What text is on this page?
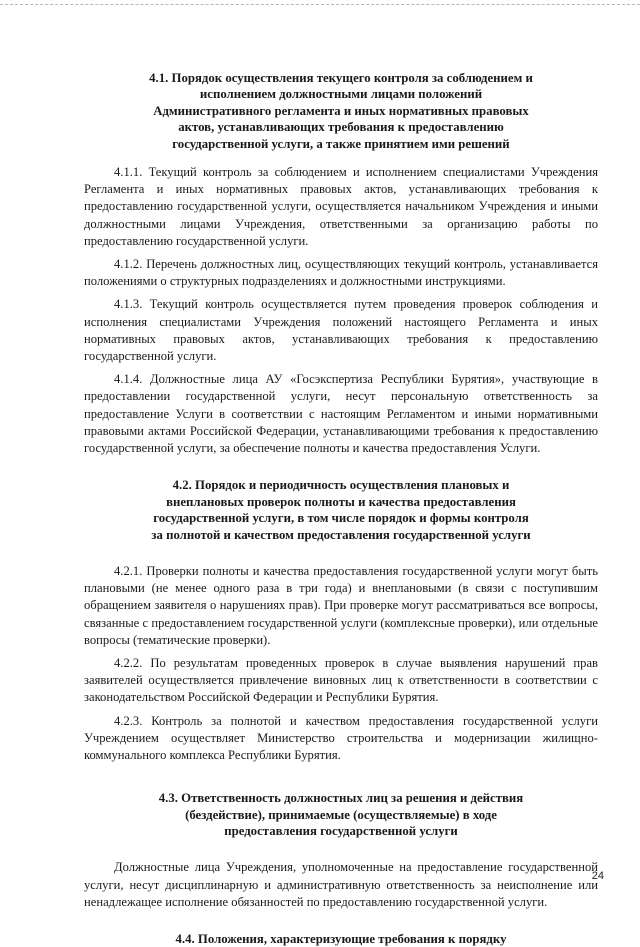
4.1. Порядок осуществления текущего контроля за соблюдением и исполнением должностными лицами положений Административного регламента и иных нормативных правовых актов, устанавливающих требования к предоставлению государственной услуги, а также принятием ими решений

4.1.1. Текущий контроль за соблюдением и исполнением специалистами Учреждения Регламента и иных нормативных правовых актов, устанавливающих требования к предоставлению государственной услуги, осуществляется начальником Учреждения и иными должностными лицами Учреждения, ответственными за организацию работы по предоставлению государственной услуги.

4.1.2. Перечень должностных лиц, осуществляющих текущий контроль, устанавливается положениями о структурных подразделениях и должностными инструкциями.

4.1.3. Текущий контроль осуществляется путем проведения проверок соблюдения и исполнения специалистами Учреждения положений настоящего Регламента и иных нормативных правовых актов, устанавливающих требования к предоставлению государственной услуги.

4.1.4. Должностные лица АУ «Госэкспертиза Республики Бурятия», участвующие в предоставлении государственной услуги, несут персональную ответственность за предоставление Услуги в соответствии с настоящим Регламентом и иными нормативными правовыми актами Российской Федерации, устанавливающими требования к предоставлению государственной услуги, за обеспечение полноты и качества предоставления Услуги.

4.2. Порядок и периодичность осуществления плановых и внеплановых проверок полноты и качества предоставления государственной услуги, в том числе порядок и формы контроля за полнотой и качеством предоставления государственной услуги

4.2.1. Проверки полноты и качества предоставления государственной услуги могут быть плановыми (не менее одного раза в три года) и внеплановыми (в связи с поступившим обращением заявителя о нарушениях прав). При проверке могут рассматриваться все вопросы, связанные с предоставлением государственной услуги (комплексные проверки), или отдельные вопросы (тематические проверки).

4.2.2. По результатам проведенных проверок в случае выявления нарушений прав заявителей осуществляется привлечение виновных лиц к ответственности в соответствии с законодательством Российской Федерации и Республики Бурятия.

4.2.3. Контроль за полнотой и качеством предоставления государственной услуги Учреждением осуществляет Министерство строительства и модернизации жилищно-коммунального комплекса Республики Бурятия.

4.3. Ответственность должностных лиц за решения и действия (бездействие), принимаемые (осуществляемые) в ходе предоставления государственной услуги

Должностные лица Учреждения, уполномоченные на предоставление государственной услуги, несут дисциплинарную и административную ответственность за неисполнение или ненадлежащее исполнение обязанностей по предоставлению государственной услуги.

4.4. Положения, характеризующие требования к порядку

24
